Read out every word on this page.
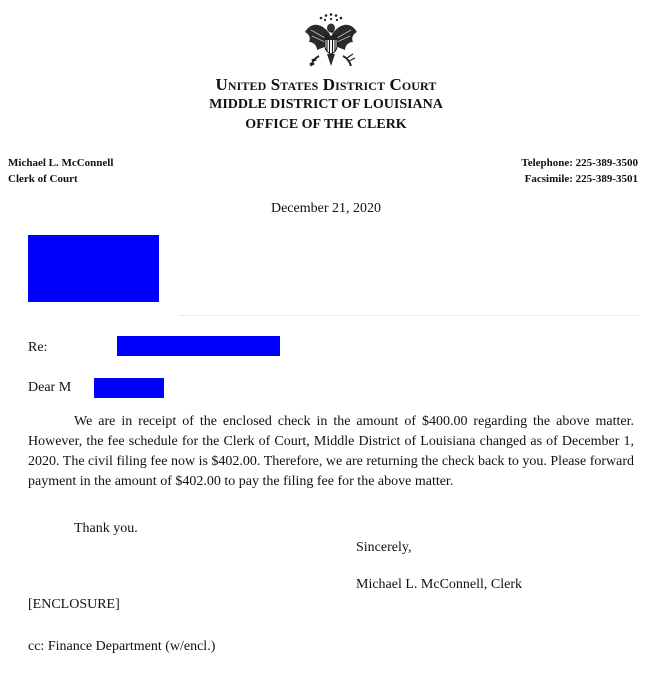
United States District Court
MIDDLE DISTRICT OF LOUISIANA
OFFICE OF THE CLERK
Michael L. McConnell
Clerk of Court
Telephone: 225-389-3500
Facsimile: 225-389-3501
December 21, 2020
Re:
Dear M
We are in receipt of the enclosed check in the amount of $400.00 regarding the above matter. However, the fee schedule for the Clerk of Court, Middle District of Louisiana changed as of December 1, 2020. The civil filing fee now is $402.00. Therefore, we are returning the check back to you. Please forward payment in the amount of $402.00 to pay the filing fee for the above matter.
Thank you.
Sincerely,
Michael L. McConnell, Clerk
[ENCLOSURE]
cc: Finance Department (w/encl.)
